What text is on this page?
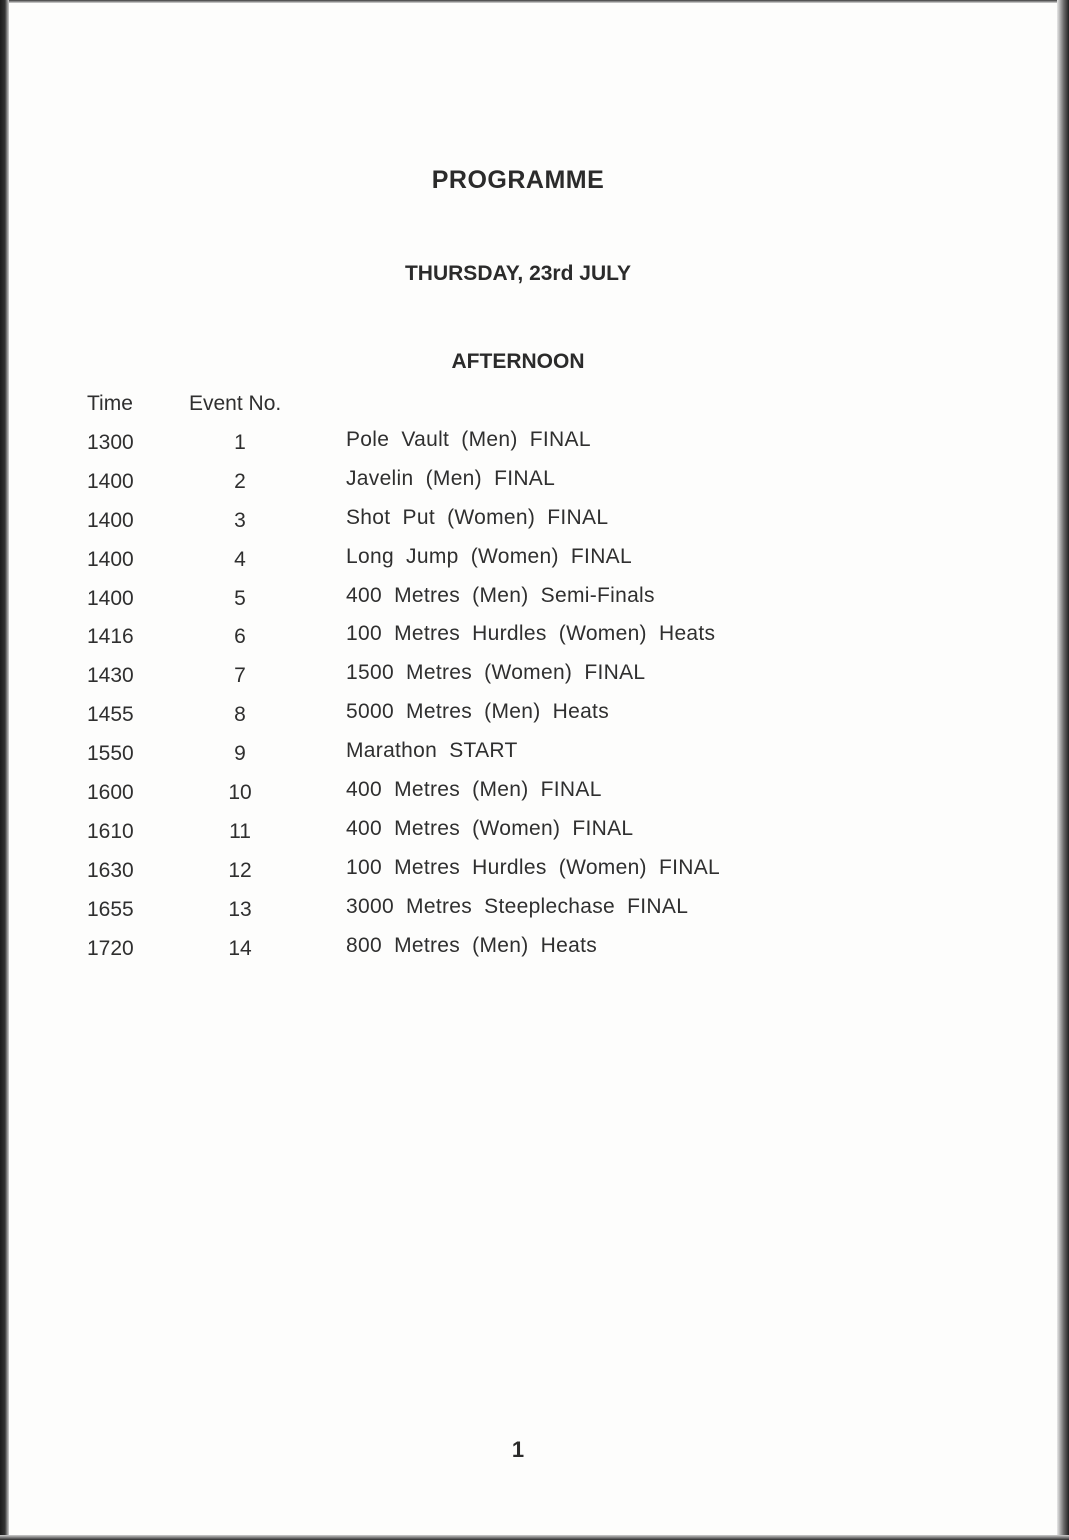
PROGRAMME
THURSDAY, 23rd JULY
AFTERNOON
Time	Event No.
1300	1	Pole Vault (Men) FINAL
1400	2	Javelin (Men) FINAL
1400	3	Shot Put (Women) FINAL
1400	4	Long Jump (Women) FINAL
1400	5	400 Metres (Men) Semi-Finals
1416	6	100 Metres Hurdles (Women) Heats
1430	7	1500 Metres (Women) FINAL
1455	8	5000 Metres (Men) Heats
1550	9	Marathon START
1600	10	400 Metres (Men) FINAL
1610	11	400 Metres (Women) FINAL
1630	12	100 Metres Hurdles (Women) FINAL
1655	13	3000 Metres Steeplechase FINAL
1720	14	800 Metres (Men) Heats
1
